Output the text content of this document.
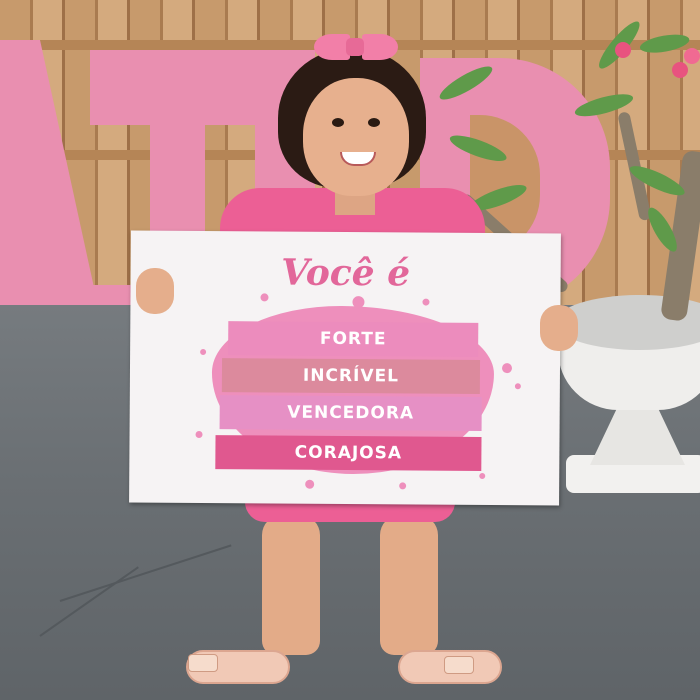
Você é
FORTE
INCRÍVEL
VENCEDORA
CORAJOSA
